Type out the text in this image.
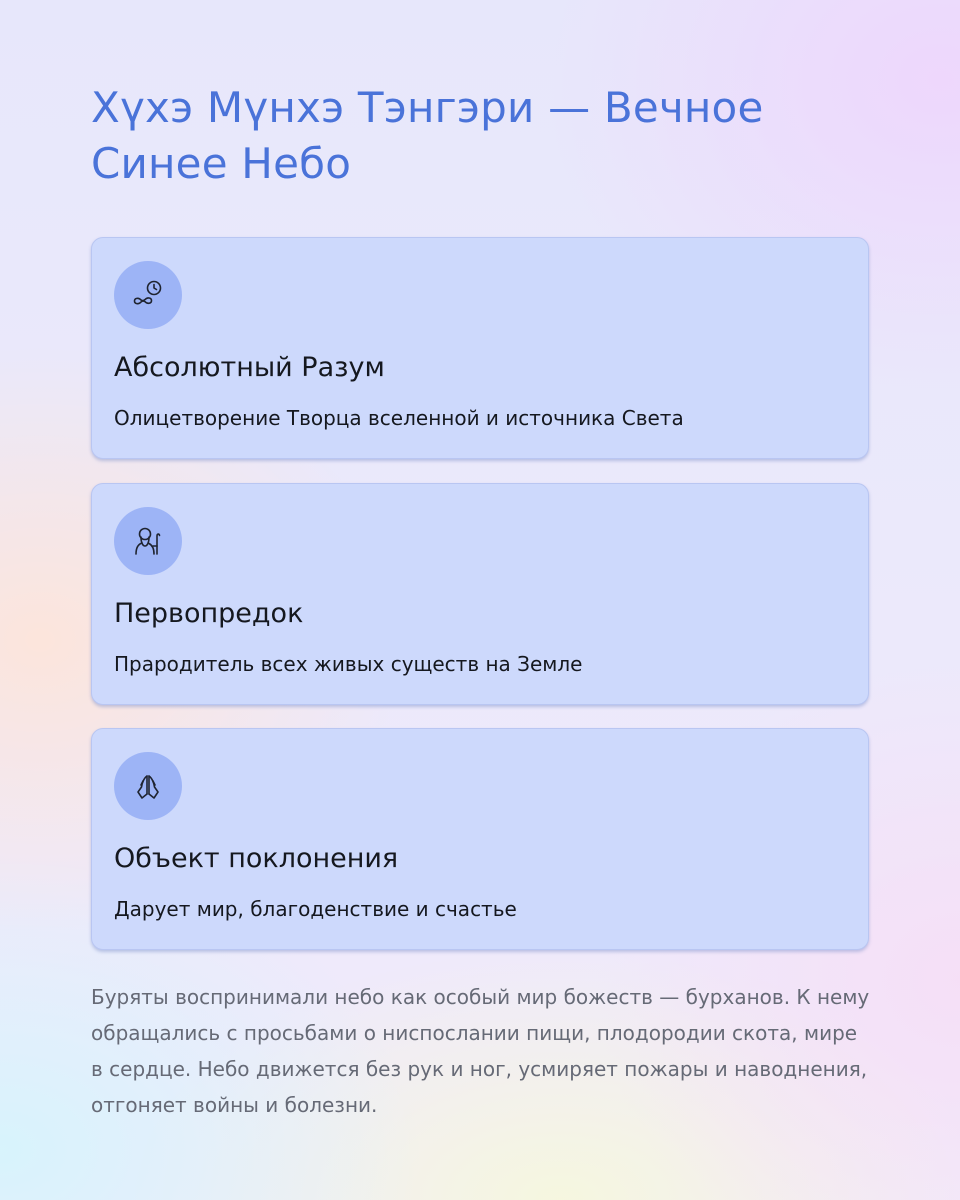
Хүхэ Мүнхэ Тэнгэри — Вечное Синее Небо
Абсолютный Разум

Олицетворение Творца вселенной и источника Света

Первопредок

Прародитель всех живых существ на Земле

Объект поклонения

Дарует мир, благоденствие и счастье

Буряты воспринимали небо как особый мир божеств — бурханов. К нему обращались с просьбами о ниспослании пищи, плодородии скота, мире в сердце. Небо движется без рук и ног, усмиряет пожары и наводнения, отгоняет войны и болезни.
